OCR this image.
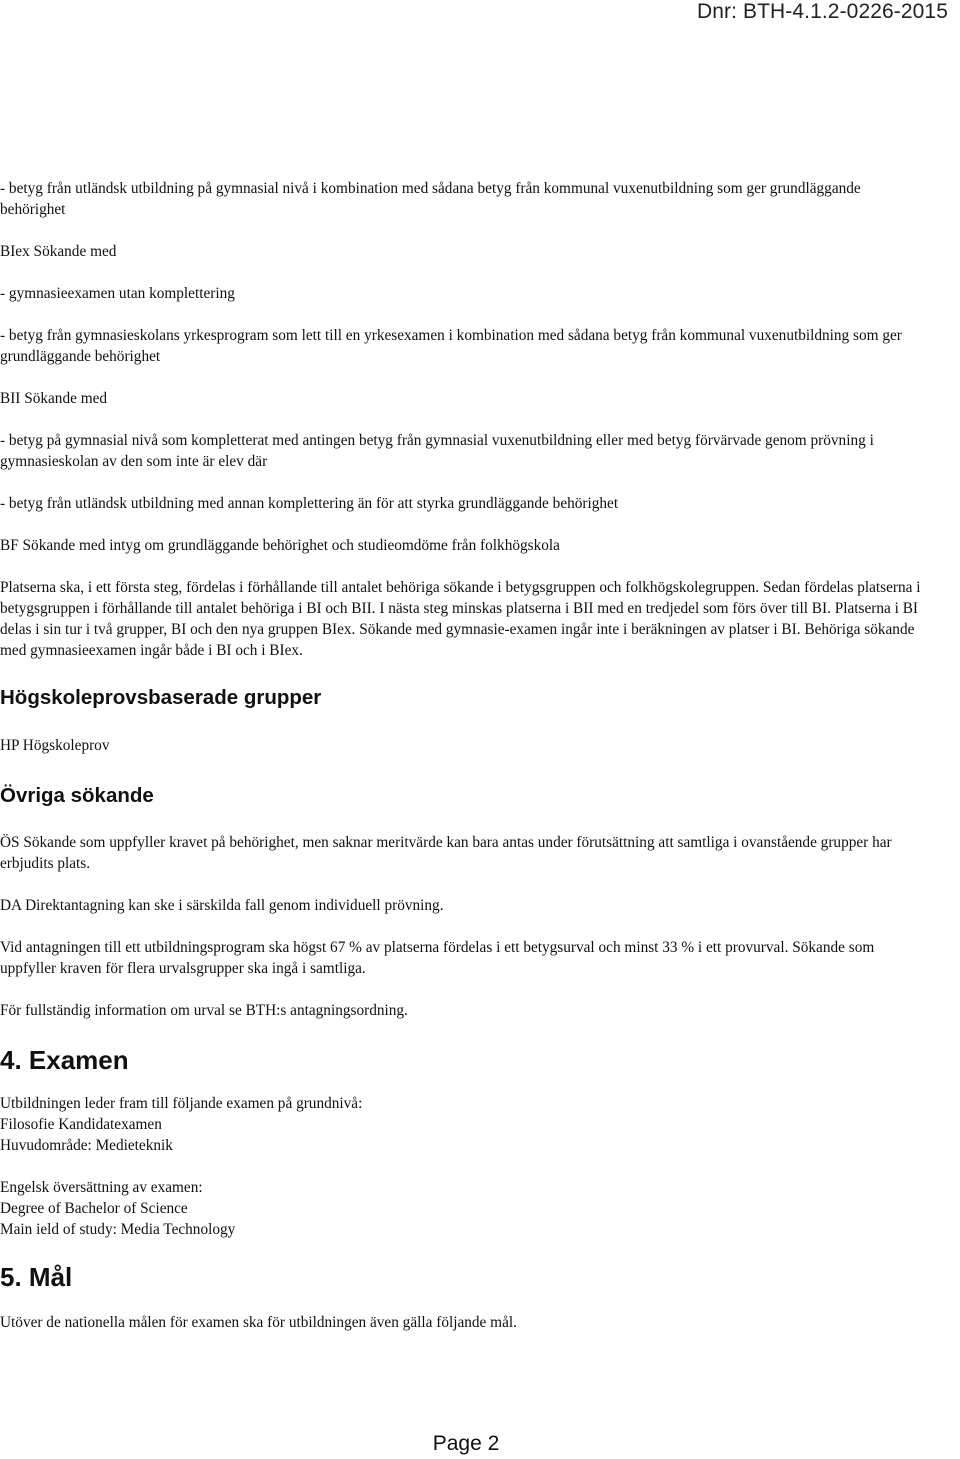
Dnr: BTH-4.1.2-0226-2015

- betyg från utländsk utbildning på gymnasial nivå i kombination med sådana betyg från kommunal vuxenutbildning som ger grundläggande behörighet

BIex Sökande med

- gymnasieexamen utan komplettering

- betyg från gymnasieskolans yrkesprogram som lett till en yrkesexamen i kombination med sådana betyg från kommunal vuxenutbildning som ger grundläggande behörighet

BII Sökande med

- betyg på gymnasial nivå som kompletterat med antingen betyg från gymnasial vuxenutbildning eller med betyg förvärvade genom prövning i gymnasieskolan av den som inte är elev där

- betyg från utländsk utbildning med annan komplettering än för att styrka grundläggande behörighet

BF Sökande med intyg om grundläggande behörighet och studieomdöme från folkhögskola

Platserna ska, i ett första steg, fördelas i förhållande till antalet behöriga sökande i betygsgruppen och folkhögskolegruppen. Sedan fördelas platserna i betygsgruppen i förhållande till antalet behöriga i BI och BII. I nästa steg minskas platserna i BII med en tredjedel som förs över till BI. Platserna i BI delas i sin tur i två grupper, BI och den nya gruppen BIex. Sökande med gymnasie-examen ingår inte i beräkningen av platser i BI. Behöriga sökande med gymnasieexamen ingår både i BI och i BIex.

Högskoleprovsbaserade grupper

HP Högskoleprov

Övriga sökande

ÖS Sökande som uppfyller kravet på behörighet, men saknar meritvärde kan bara antas under förutsättning att samtliga i ovanstående grupper har erbjudits plats.

DA Direktantagning kan ske i särskilda fall genom individuell prövning.

Vid antagningen till ett utbildningsprogram ska högst 67 % av platserna fördelas i ett betygsurval och minst 33 % i ett provurval. Sökande som uppfyller kraven för flera urvalsgrupper ska ingå i samtliga.

För fullständig information om urval se BTH:s antagningsordning.

4. Examen

Utbildningen leder fram till följande examen på grundnivå:

Filosofie Kandidatexamen

Huvudområde: Medieteknik

Engelsk översättning av examen:

Degree of Bachelor of Science

Main ield of study: Media Technology

5. Mål

Utöver de nationella målen för examen ska för utbildningen även gälla följande mål.

Page 2
